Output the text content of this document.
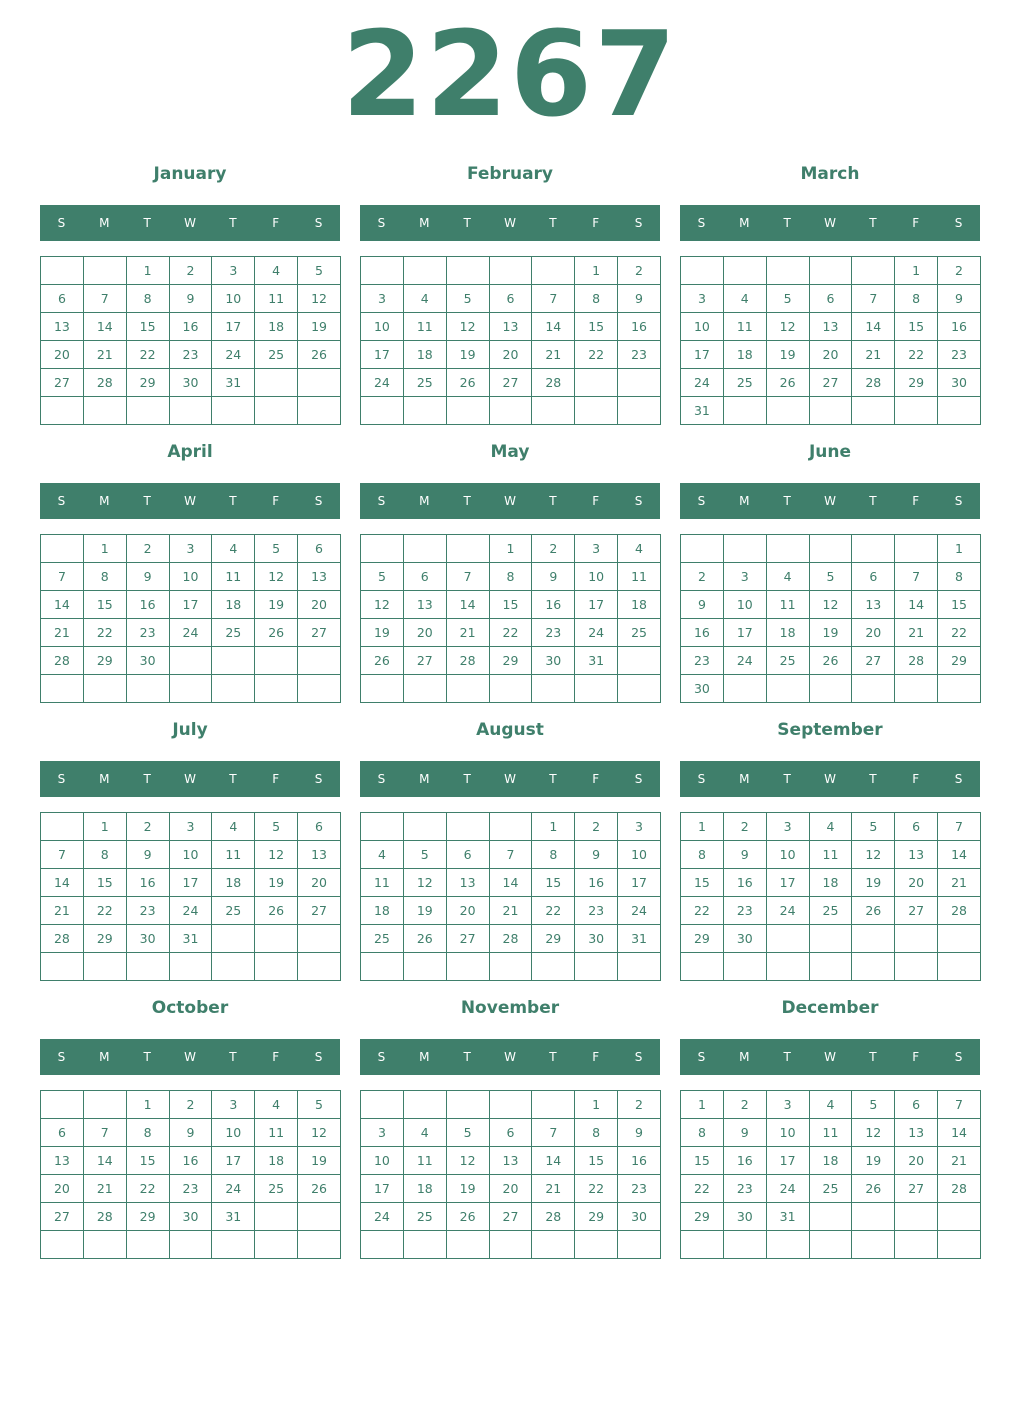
2267
January
S	M	T	W	T	F	S
		1	2	3	4	5
6	7	8	9	10	11	12
13	14	15	16	17	18	19
20	21	22	23	24	25	26
27	28	29	30	31		

February
S	M	T	W	T	F	S
					1	2
3	4	5	6	7	8	9
10	11	12	13	14	15	16
17	18	19	20	21	22	23
24	25	26	27	28		

March
S	M	T	W	T	F	S
					1	2
3	4	5	6	7	8	9
10	11	12	13	14	15	16
17	18	19	20	21	22	23
24	25	26	27	28	29	30
31						
April
S	M	T	W	T	F	S
	1	2	3	4	5	6
7	8	9	10	11	12	13
14	15	16	17	18	19	20
21	22	23	24	25	26	27
28	29	30				

May
S	M	T	W	T	F	S
			1	2	3	4
5	6	7	8	9	10	11
12	13	14	15	16	17	18
19	20	21	22	23	24	25
26	27	28	29	30	31	

June
S	M	T	W	T	F	S
						1
2	3	4	5	6	7	8
9	10	11	12	13	14	15
16	17	18	19	20	21	22
23	24	25	26	27	28	29
30						
July
S	M	T	W	T	F	S
	1	2	3	4	5	6
7	8	9	10	11	12	13
14	15	16	17	18	19	20
21	22	23	24	25	26	27
28	29	30	31			

August
S	M	T	W	T	F	S
				1	2	3
4	5	6	7	8	9	10
11	12	13	14	15	16	17
18	19	20	21	22	23	24
25	26	27	28	29	30	31

September
S	M	T	W	T	F	S
1	2	3	4	5	6	7
8	9	10	11	12	13	14
15	16	17	18	19	20	21
22	23	24	25	26	27	28
29	30					

October
S	M	T	W	T	F	S
		1	2	3	4	5
6	7	8	9	10	11	12
13	14	15	16	17	18	19
20	21	22	23	24	25	26
27	28	29	30	31		

November
S	M	T	W	T	F	S
					1	2
3	4	5	6	7	8	9
10	11	12	13	14	15	16
17	18	19	20	21	22	23
24	25	26	27	28	29	30

December
S	M	T	W	T	F	S
1	2	3	4	5	6	7
8	9	10	11	12	13	14
15	16	17	18	19	20	21
22	23	24	25	26	27	28
29	30	31				
